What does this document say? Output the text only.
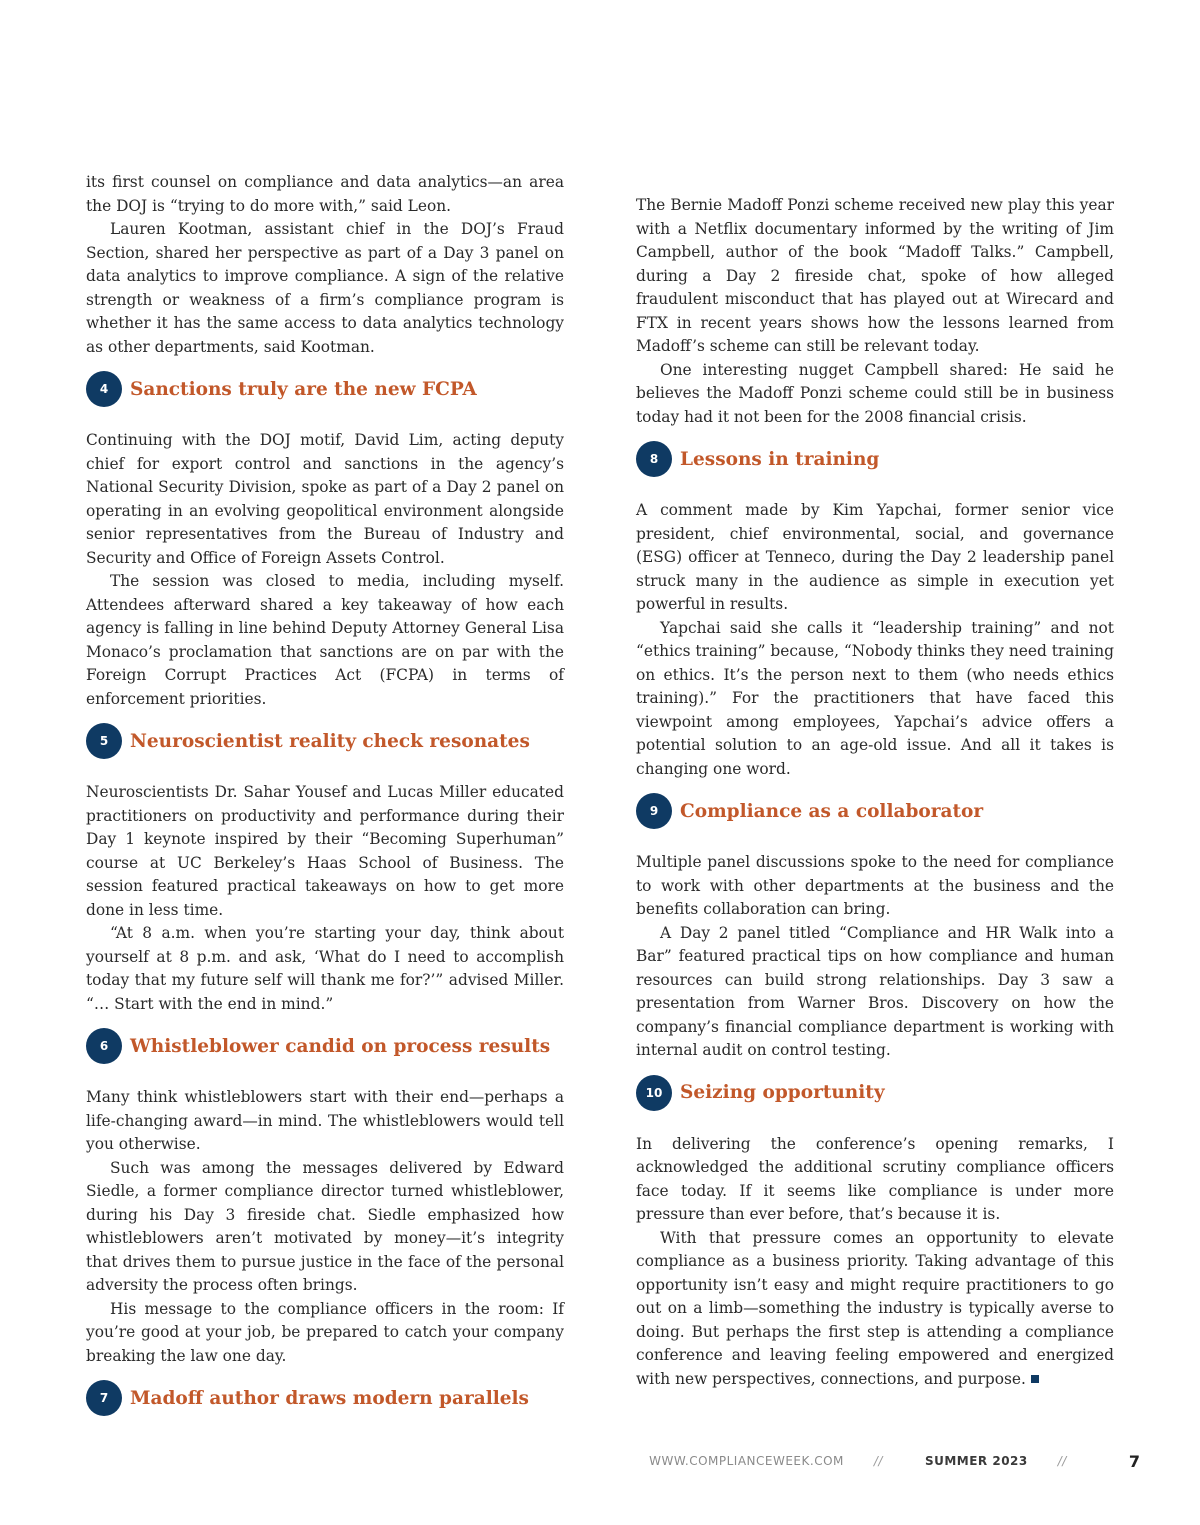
its first counsel on compliance and data analytics—an area the DOJ is “trying to do more with,” said Leon.

Lauren Kootman, assistant chief in the DOJ’s Fraud Section, shared her perspective as part of a Day 3 panel on data analytics to improve compliance. A sign of the relative strength or weakness of a firm’s compliance program is whether it has the same access to data analytics technology as other departments, said Kootman.

4	Sanctions truly are the new FCPA

Continuing with the DOJ motif, David Lim, acting deputy chief for export control and sanctions in the agency’s National Security Division, spoke as part of a Day 2 panel on operating in an evolving geopolitical environment alongside senior representatives from the Bureau of Industry and Security and Office of Foreign Assets Control.

The session was closed to media, including myself. Attendees afterward shared a key takeaway of how each agency is falling in line behind Deputy Attorney General Lisa Monaco’s proclamation that sanctions are on par with the Foreign Corrupt Practices Act (FCPA) in terms of enforcement priorities.

5	Neuroscientist reality check resonates

Neuroscientists Dr. Sahar Yousef and Lucas Miller educated practitioners on productivity and performance during their Day 1 keynote inspired by their “Becoming Superhuman” course at UC Berkeley’s Haas School of Business. The session featured practical takeaways on how to get more done in less time.

“At 8 a.m. when you’re starting your day, think about yourself at 8 p.m. and ask, ‘What do I need to accomplish today that my future self will thank me for?’” advised Miller. “… Start with the end in mind.”

6	Whistleblower candid on process results

Many think whistleblowers start with their end—perhaps a life-changing award—in mind. The whistleblowers would tell you otherwise.

Such was among the messages delivered by Edward Siedle, a former compliance director turned whistleblower, during his Day 3 fireside chat. Siedle emphasized how whistleblowers aren’t motivated by money—it’s integrity that drives them to pursue justice in the face of the personal adversity the process often brings.

His message to the compliance officers in the room: If you’re good at your job, be prepared to catch your company breaking the law one day.

7	Madoff author draws modern parallels

The Bernie Madoff Ponzi scheme received new play this year with a Netflix documentary informed by the writing of Jim Campbell, author of the book “Madoff Talks.” Campbell, during a Day 2 fireside chat, spoke of how alleged fraudulent misconduct that has played out at Wirecard and FTX in recent years shows how the lessons learned from Madoff’s scheme can still be relevant today.

One interesting nugget Campbell shared: He said he believes the Madoff Ponzi scheme could still be in business today had it not been for the 2008 financial crisis.

8	Lessons in training

A comment made by Kim Yapchai, former senior vice president, chief environmental, social, and governance (ESG) officer at Tenneco, during the Day 2 leadership panel struck many in the audience as simple in execution yet powerful in results.

Yapchai said she calls it “leadership training” and not “ethics training” because, “Nobody thinks they need training on ethics. It’s the person next to them (who needs ethics training).” For the practitioners that have faced this viewpoint among employees, Yapchai’s advice offers a potential solution to an age-old issue. And all it takes is changing one word.

9	Compliance as a collaborator

Multiple panel discussions spoke to the need for compliance to work with other departments at the business and the benefits collaboration can bring.

A Day 2 panel titled “Compliance and HR Walk into a Bar” featured practical tips on how compliance and human resources can build strong relationships. Day 3 saw a presentation from Warner Bros. Discovery on how the company’s financial compliance department is working with internal audit on control testing.

10 Seizing opportunity

In delivering the conference’s opening remarks, I acknowledged the additional scrutiny compliance officers face today. If it seems like compliance is under more pressure than ever before, that’s because it is.

With that pressure comes an opportunity to elevate compliance as a business priority. Taking advantage of this opportunity isn’t easy and might require practitioners to go out on a limb—something the industry is typically averse to doing. But perhaps the first step is attending a compliance conference and leaving feeling empowered and energized with new perspectives, connections, and purpose.

WWW.COMPLIANCEWEEK.COM	//	SUMMER 2023	//	7
